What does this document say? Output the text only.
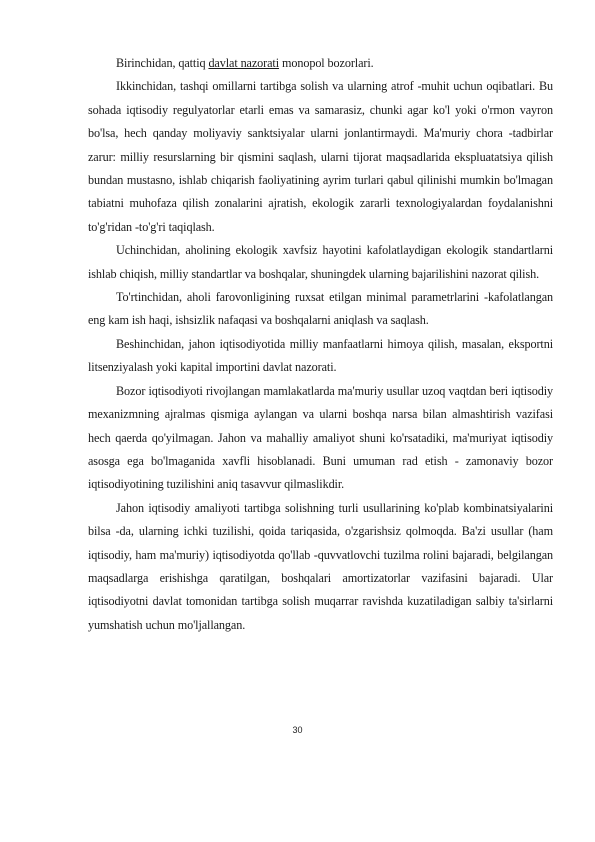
Birinchidan, qattiq davlat nazorati monopol bozorlari.

Ikkinchidan, tashqi omillarni tartibga solish va ularning atrof -muhit uchun oqibatlari. Bu sohada iqtisodiy regulyatorlar etarli emas va samarasiz, chunki agar ko'l yoki o'rmon vayron bo'lsa, hech qanday moliyaviy sanktsiyalar ularni jonlantirmaydi. Ma'muriy chora -tadbirlar zarur: milliy resurslarning bir qismini saqlash, ularni tijorat maqsadlarida ekspluatatsiya qilish bundan mustasno, ishlab chiqarish faoliyatining ayrim turlari qabul qilinishi mumkin bo'lmagan tabiatni muhofaza qilish zonalarini ajratish, ekologik zararli texnologiyalardan foydalanishni to'g'ridan -to'g'ri taqiqlash.

Uchinchidan, aholining ekologik xavfsiz hayotini kafolatlaydigan ekologik standartlarni ishlab chiqish, milliy standartlar va boshqalar, shuningdek ularning bajarilishini nazorat qilish.

To'rtinchidan, aholi farovonligining ruxsat etilgan minimal parametrlarini -kafolatlangan eng kam ish haqi, ishsizlik nafaqasi va boshqalarni aniqlash va saqlash.

Beshinchidan, jahon iqtisodiyotida milliy manfaatlarni himoya qilish, masalan, eksportni litsenziyalash yoki kapital importini davlat nazorati.

Bozor iqtisodiyoti rivojlangan mamlakatlarda ma'muriy usullar uzoq vaqtdan beri iqtisodiy mexanizmning ajralmas qismiga aylangan va ularni boshqa narsa bilan almashtirish vazifasi hech qaerda qo'yilmagan. Jahon va mahalliy amaliyot shuni ko'rsatadiki, ma'muriyat iqtisodiy asosga ega bo'lmaganida xavfli hisoblanadi. Buni umuman rad etish - zamonaviy bozor iqtisodiyotining tuzilishini aniq tasavvur qilmaslikdir.

Jahon iqtisodiy amaliyoti tartibga solishning turli usullarining ko'plab kombinatsiyalarini bilsa -da, ularning ichki tuzilishi, qoida tariqasida, o'zgarishsiz qolmoqda. Ba'zi usullar (ham iqtisodiy, ham ma'muriy) iqtisodiyotda qo'llab -quvvatlovchi tuzilma rolini bajaradi, belgilangan maqsadlarga erishishga qaratilgan, boshqalari amortizatorlar vazifasini bajaradi. Ular iqtisodiyotni davlat tomonidan tartibga solish muqarrar ravishda kuzatiladigan salbiy ta'sirlarni yumshatish uchun mo'ljallangan.

30
